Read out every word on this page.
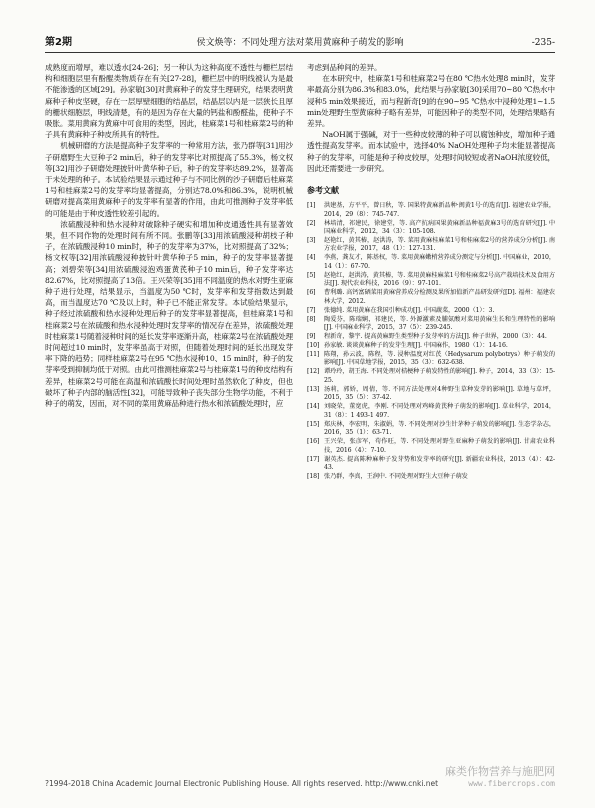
第2期	侯文焕等：不同处理方法对菜用黄麻种子萌发的影响	-235-

成熟度而增厚，难以透水[24-26]；另一种认为这种高度不透性与栅栏层结构和细胞层里有酚醌类物质存在有关[27-28]，栅栏层中的明线被认为是最不能渗透的区域[29]。孙家敏[30]对黄麻种子的发芽生理研究，结果表明黄麻种子种皮坚硬，存在一层厚壁细胞的结晶层，结晶层以内是一层狭长且厚的栅状细胞层，明线清楚，有的是因为存在大量的钙盐和酚醛盐，使种子不吸胀。菜用黄麻为黄麻中可食用的类型，因此，桂麻菜1号和桂麻菜2号的种子具有黄麻种子种皮所具有的特性。

机械研磨的方法是提高种子发芽率的一种常用方法，张乃群等[31]用沙子研磨野生大豆种子2 min后，种子的发芽率比对照提高了55.3%，杨文权等[32]用沙子研磨处理披针叶黄华种子后，种子的发芽率达89.2%，显著高于未处理的种子。本试验结果显示通过种子与不同比例的沙子研磨后桂麻菜1号和桂麻菜2号的发芽率均显著提高，分别达78.0%和86.3%，说明机械研磨对提高菜用黄麻种子的发芽率有显著的作用，由此可推测种子发芽率低的可能是由于种皮透性较差引起的。

浓硫酸浸种和热水浸种对破除种子硬实和增加种皮通透性具有显著效果，但不同作物的处理时间有所不同。张鹏等[33]用浓硫酸浸种胡枝子种子，在浓硫酸浸种10 min时，种子的发芽率为37%，比对照提高了32%；杨文权等[32]用浓硫酸浸种披针叶黄华种子5 min，种子的发芽率显著提高；刘碧荣等[34]用浓硫酸浸泡鸡蛋黄芪种子10 min后，种子发芽率达82.67%，比对照提高了13倍。王兴荣等[35]用不同温度的热水对野生亚麻种子进行处理，结果显示，当温度为50 ℃时，发芽率和发芽指数达到最高，而当温度达70 ℃及以上时，种子已不能正常发芽。本试验结果显示，种子经过浓硫酸和热水浸种处理后种子的发芽率显著提高，但桂麻菜1号和桂麻菜2号在浓硫酸和热水浸种处理时发芽率的情况存在差异，浓硫酸处理时桂麻菜1号随着浸种时间的延长发芽率逐渐升高，桂麻菜2号在浓硫酸处理时间超过10 min时，发芽率虽高于对照，但随着处理时间的延长出现发芽率下降的趋势；同样桂麻菜2号在95 ℃热水浸种10、15 min时，种子的发芽率受到抑制均低于对照。由此可推测桂麻菜2号与桂麻菜1号的种皮结构有差异，桂麻菜2号可能在高温和浓硫酸长时间处理时虽然软化了种皮，但也破坏了种子内部的脑活性[32]，可能导致种子丧失部分生物学功能，不利于种子的萌发，因而，对不同的菜用黄麻品种进行热水和浓硫酸处理时，应

考虑到品种间的差异。

在本研究中，桂麻菜1号和桂麻菜2号在80 ℃热水处理8 min时，发芽率最高分别为86.3%和83.0%，此结果与孙家敏[30]采用70~80 ℃热水中浸种5 min效果接近，而与程新奇[9]的在90~95 ℃热水中浸种处理1~1.5 min处理野生型黄麻种子略有差异，可能因种子的类型不同，处理结果略有差异。

NaOH属于强碱，对于一些种皮较薄的种子可以腐蚀种皮，增加种子通透性提高发芽率。而本试验中，选择40% NaOH处理种子均未能显著提高种子的发芽率，可能是种子种皮较厚，处理时间较短或者NaOH浓度较低，因此还需要进一步研究。

参考文献
[1] 洪建基，方平平，曾日秋，等. 国果特黄麻新品种·闽黄1号·的选育[J]. 福建农业学报，2014，29（8）：745-747.
[2] 林培清，祁建民，徐建堂，等. 高产抗病国果黄麻新品种福黄麻3号的选育研究[J]. 中国麻业科学，2012，34（3）：105-108.
[3] 赵艳红，黄其椿，赵洪涛，等. 菜用黄麻桂麻菜1号和桂麻菜2号的营养成分分析[J]. 南方农业学报，2017，48（1）：127-131.
[4] 李燕，龚友才，陈基权，等. 菜用黄麻嫩梢营养成分测定与分析[J]. 中国麻业，2010，14（1）：67-70.
[5] 赵艳红，赵洪涛，黄其椿，等. 菜用黄麻桂麻菜1号和桂麻菜2号高产栽培技术及食用方法[J]. 现代农业科技，2016（9）：97-101.
[6] 曹利璐. 高钙富硒菜用黄麻营养成分检测及果所加值新产品研发研究[D]. 福州：福建农林大学，2012.
[7] 张德纯. 菜用黄麻在我国引种成功[J]. 中国蔬菜，2000（1）：3.
[8] 陶爱芬，陈瑞娴，祁建民，等. 外源激素及脯氨酸对菜用黄麻生长和生理特性的影响[J]. 中国麻业科学，2015，37（5）：239-245.
[9] 程新奇，黎宇. 提高黄麻野生类型种子发芽率的方法[J]. 种子世界，2000（3）：44.
[10] 孙家敏. 谈谈黄麻种子的发芽生理[J]. 中国麻作，1980（1）：14-16.
[11] 陈翔，孙云波，陈程，等. 浸种温度对红芪（Hedysarum polybotrys）种子萌发的影响[J]. 中国草地学报，2015，35（3）：632-638.
[12] 谭玲玲，胡王海. 不同处理对桔梗种子萌发特性的影响[J]. 种子，2014，33（3）：15-25.
[13] 汤莉，郭娇，周倩，等. 不同方法处理对4种野生草种发芽的影响[J]. 草地与草坪，2015，35（5）：37-42.
[14] 刘晓荣，董宽虎，李刚. 不同处理对鸡峰黄芪种子萌发的影响[J]. 草业科学，2014，31（8）：1 493-1 497.
[15] 郑庆林，李宏明，朱淑娟，等. 不同处理对沙生针茅种子萌发的影响[J]. 生态学杂志，2016，35（1）：63-71.
[16] 王兴荣，张彦军，苟作旺，等. 不同处理对野生亚麻种子萌发的影响[J]. 甘肃农业科技，2016（4）：7-10.
[17] 谢英杰. 提高陈种麻种子发芽势和发芽率的研究[J]. 新疆农业科技，2013（4）：42-43.
[18] 张乃群，李真，王润中. 不同处理对野生大豆种子萌发
?1994-2018 China Academic Journal Electronic Publishing House. All rights reserved. http://www.cnki.net
麻类作物营养与施肥网
www.fibercrops.com
